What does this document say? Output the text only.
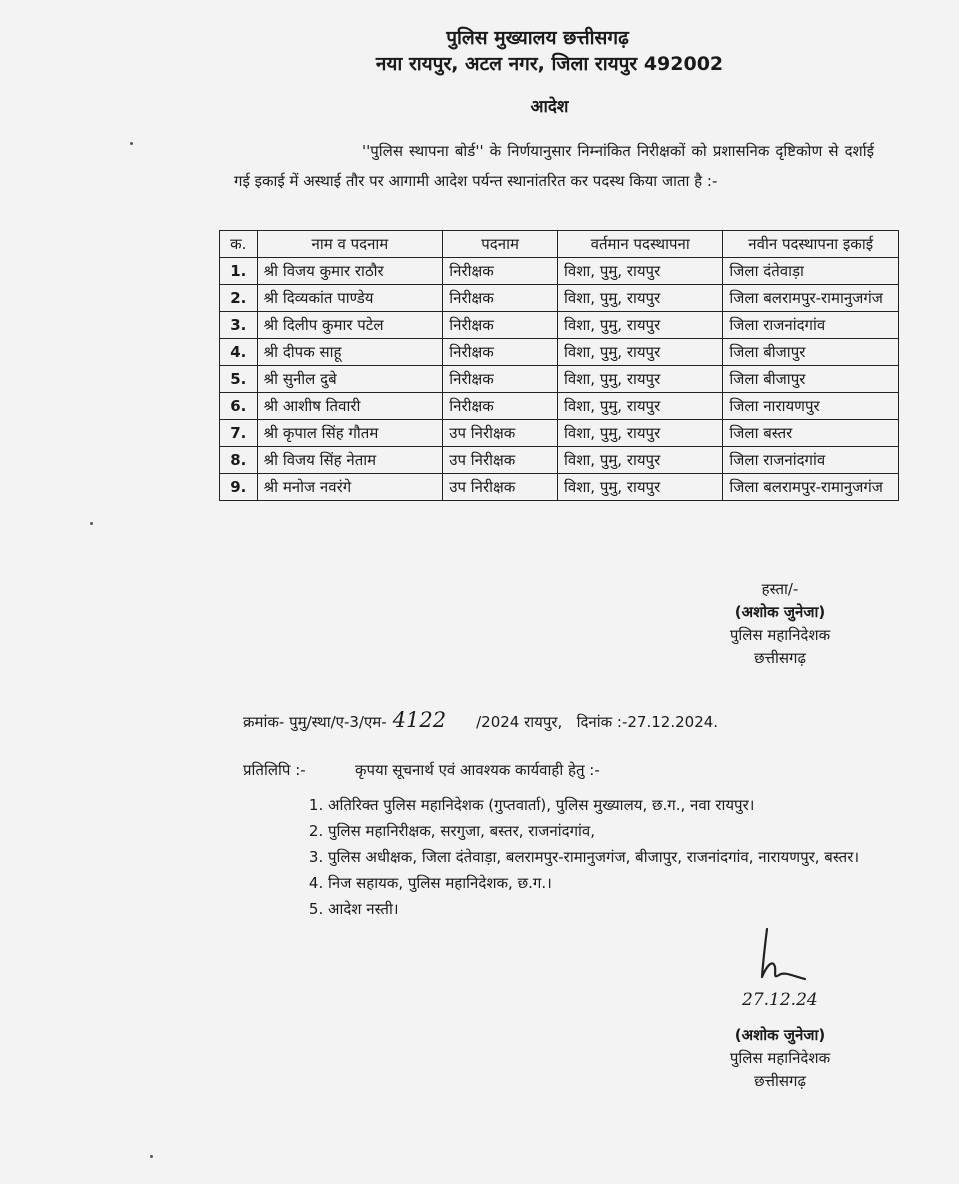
पुलिस मुख्यालय छत्तीसगढ़
नया रायपुर, अटल नगर, जिला रायपुर 492002
आदेश
''पुलिस स्थापना बोर्ड'' के निर्णयानुसार निम्नांकित निरीक्षकों को प्रशासनिक दृष्टिकोण से दर्शाई गई इकाई में अस्थाई तौर पर आगामी आदेश पर्यन्त स्थानांतरित कर पदस्थ किया जाता है :-
क.	नाम व पदनाम	पदनाम	वर्तमान पदस्थापना	नवीन पदस्थापना इकाई
1.	श्री विजय कुमार राठौर	निरीक्षक	विशा, पुमु, रायपुर	जिला दंतेवाड़ा
2.	श्री दिव्यकांत पाण्डेय	निरीक्षक	विशा, पुमु, रायपुर	जिला बलरामपुर-रामानुजगंज
3.	श्री दिलीप कुमार पटेल	निरीक्षक	विशा, पुमु, रायपुर	जिला राजनांदगांव
4.	श्री दीपक साहू	निरीक्षक	विशा, पुमु, रायपुर	जिला बीजापुर
5.	श्री सुनील दुबे	निरीक्षक	विशा, पुमु, रायपुर	जिला बीजापुर
6.	श्री आशीष तिवारी	निरीक्षक	विशा, पुमु, रायपुर	जिला नारायणपुर
7.	श्री कृपाल सिंह गौतम	उप निरीक्षक	विशा, पुमु, रायपुर	जिला बस्तर
8.	श्री विजय सिंह नेताम	उप निरीक्षक	विशा, पुमु, रायपुर	जिला राजनांदगांव
9.	श्री मनोज नवरंगे	उप निरीक्षक	विशा, पुमु, रायपुर	जिला बलरामपुर-रामानुजगंज
हस्ता/-
(अशोक जुनेजा)
पुलिस महानिदेशक
छत्तीसगढ़
क्रमांक- पुमु/स्था/ए-3/एम- 4122 /2024 रायपुर, दिनांक :-27.12.2024.
प्रतिलिपि :-	कृपया सूचनार्थ एवं आवश्यक कार्यवाही हेतु :-
1. अतिरिक्त पुलिस महानिदेशक (गुप्तवार्ता), पुलिस मुख्यालय, छ.ग., नवा रायपुर।
2. पुलिस महानिरीक्षक, सरगुजा, बस्तर, राजनांदगांव,
3. पुलिस अधीक्षक, जिला दंतेवाड़ा, बलरामपुर-रामानुजगंज, बीजापुर, राजनांदगांव, नारायणपुर, बस्तर।
4. निज सहायक, पुलिस महानिदेशक, छ.ग.।
5. आदेश नस्ती।
27.12.24
(अशोक जुनेजा)
पुलिस महानिदेशक
छत्तीसगढ़
